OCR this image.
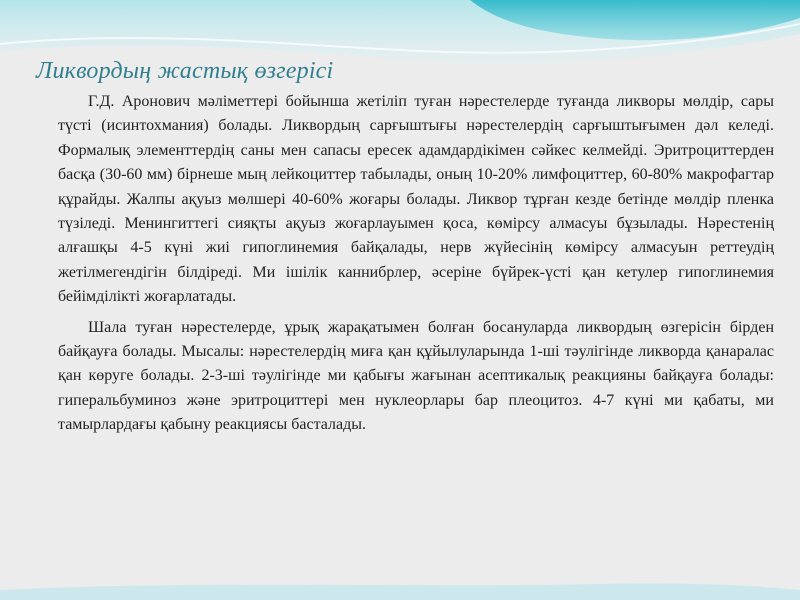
Ликвордың жастық өзгерісі

Г.Д. Аронович мәліметтері бойынша жетіліп туған нәрестелерде туғанда ликворы мөлдір, сары түсті (исинтохмания) болады. Ликвордың сарғыштығы нәрестелердің сарғыштығымен дәл келеді. Формалық элементтердің саны мен сапасы ересек адамдардікімен сәйкес келмейді. Эритроциттерден басқа (30-60 мм) бірнеше мың лейкоциттер табылады, оның 10-20% лимфоциттер, 60-80% макрофагтар құрайды. Жалпы ақуыз мөлшері 40-60% жоғары болады. Ликвор тұрған кезде бетінде мөлдір пленка түзіледі. Менингиттегі сияқты ақуыз жоғарлауымен қоса, көмірсу алмасуы бұзылады. Нәрестенің алғашқы 4-5 күні жиі гипоглинемия байқалады, нерв жүйесінің көмірсу алмасуын реттеудің жетілмегендігін білдіреді. Ми ішілік каннибрлер, әсеріне бүйрек-үсті қан кетулер гипоглинемия бейімділікті жоғарлатады.

Шала туған нәрестелерде, ұрық жарақатымен болған босануларда ликвордың өзгерісін бірден байқауға болады. Мысалы: нәрестелердің миға қан құйылуларында 1-ші тәулігінде ликворда қанаралас қан көруге болады. 2-3-ші тәулігінде ми қабығы жағынан асептикалық реакцияны байқауға болады: гиперальбуминоз және эритроциттері мен нуклеорлары бар плеоцитоз. 4-7 күні ми қабаты, ми тамырлардағы қабыну реакциясы басталады.
